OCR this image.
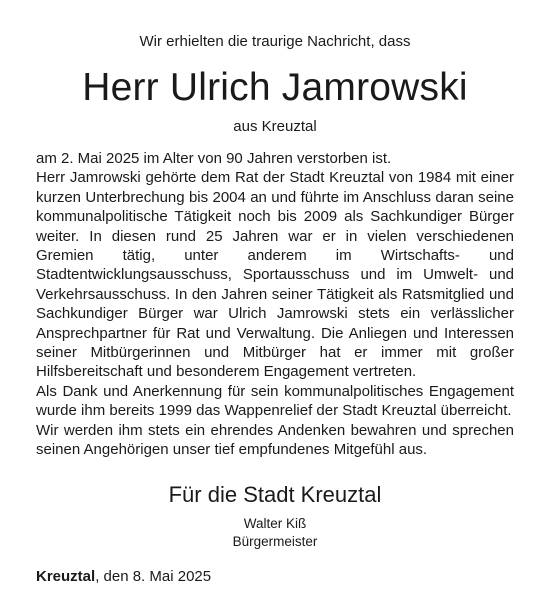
Wir erhielten die traurige Nachricht, dass
Herr Ulrich Jamrowski
aus Kreuztal

am 2. Mai 2025 im Alter von 90 Jahren verstorben ist.

Herr Jamrowski gehörte dem Rat der Stadt Kreuztal von 1984 mit einer kurzen Unterbrechung bis 2004 an und führte im Anschluss daran seine kommunalpolitische Tätigkeit noch bis 2009 als Sachkundiger Bürger weiter. In diesen rund 25 Jahren war er in vielen verschiedenen Gremien tätig, unter anderem im Wirtschafts- und Stadtentwicklungsausschuss, Sportausschuss und im Umwelt- und Verkehrsausschuss. In den Jahren seiner Tätigkeit als Ratsmitglied und Sachkundiger Bürger war Ulrich Jamrowski stets ein verlässlicher Ansprechpartner für Rat und Verwaltung. Die Anliegen und Interessen seiner Mitbürgerinnen und Mitbürger hat er immer mit großer Hilfsbereitschaft und besonderem Engagement vertreten.

Als Dank und Anerkennung für sein kommunalpolitisches Engagement wurde ihm bereits 1999 das Wappenrelief der Stadt Kreuztal überreicht.

Wir werden ihm stets ein ehrendes Andenken bewahren und sprechen seinen Angehörigen unser tief empfundenes Mitgefühl aus.

Für die Stadt Kreuztal
Walter Kiß
Bürgermeister
Kreuztal, den 8. Mai 2025
